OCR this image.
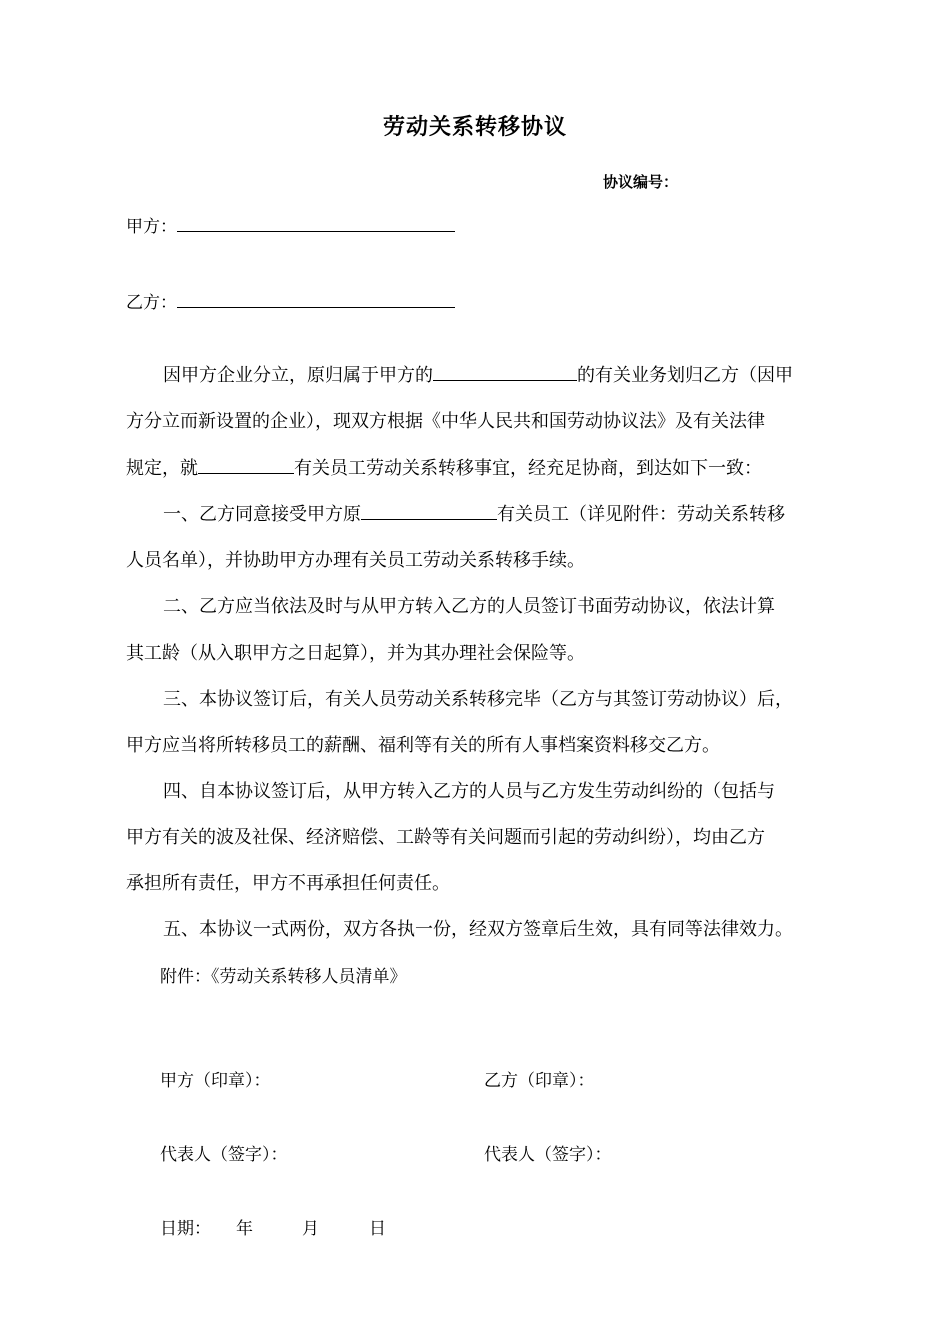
劳动关系转移协议
协议编号：
甲方：
乙方：
因甲方企业分立，原归属于甲方的	的有关业务划归乙方（因甲
方分立而新设置的企业），现双方根据《中华人民共和国劳动协议法》及有关法律
规定，就	有关员工劳动关系转移事宜，经充足协商，到达如下一致：
一、乙方同意接受甲方原	有关员工（详见附件：劳动关系转移
人员名单），并协助甲方办理有关员工劳动关系转移手续。
二、乙方应当依法及时与从甲方转入乙方的人员签订书面劳动协议，依法计算
其工龄（从入职甲方之日起算），并为其办理社会保险等。
三、本协议签订后，有关人员劳动关系转移完毕（乙方与其签订劳动协议）后，
甲方应当将所转移员工的薪酬、福利等有关的所有人事档案资料移交乙方。
四、自本协议签订后，从甲方转入乙方的人员与乙方发生劳动纠纷的（包括与
甲方有关的波及社保、经济赔偿、工龄等有关问题而引起的劳动纠纷），均由乙方
承担所有责任，甲方不再承担任何责任。
五、本协议一式两份，双方各执一份，经双方签章后生效，具有同等法律效力。
附件：《劳动关系转移人员清单》
甲方（印章）：	乙方（印章）：
代表人（签字）：	代表人（签字）：
日期： 年	月	日
